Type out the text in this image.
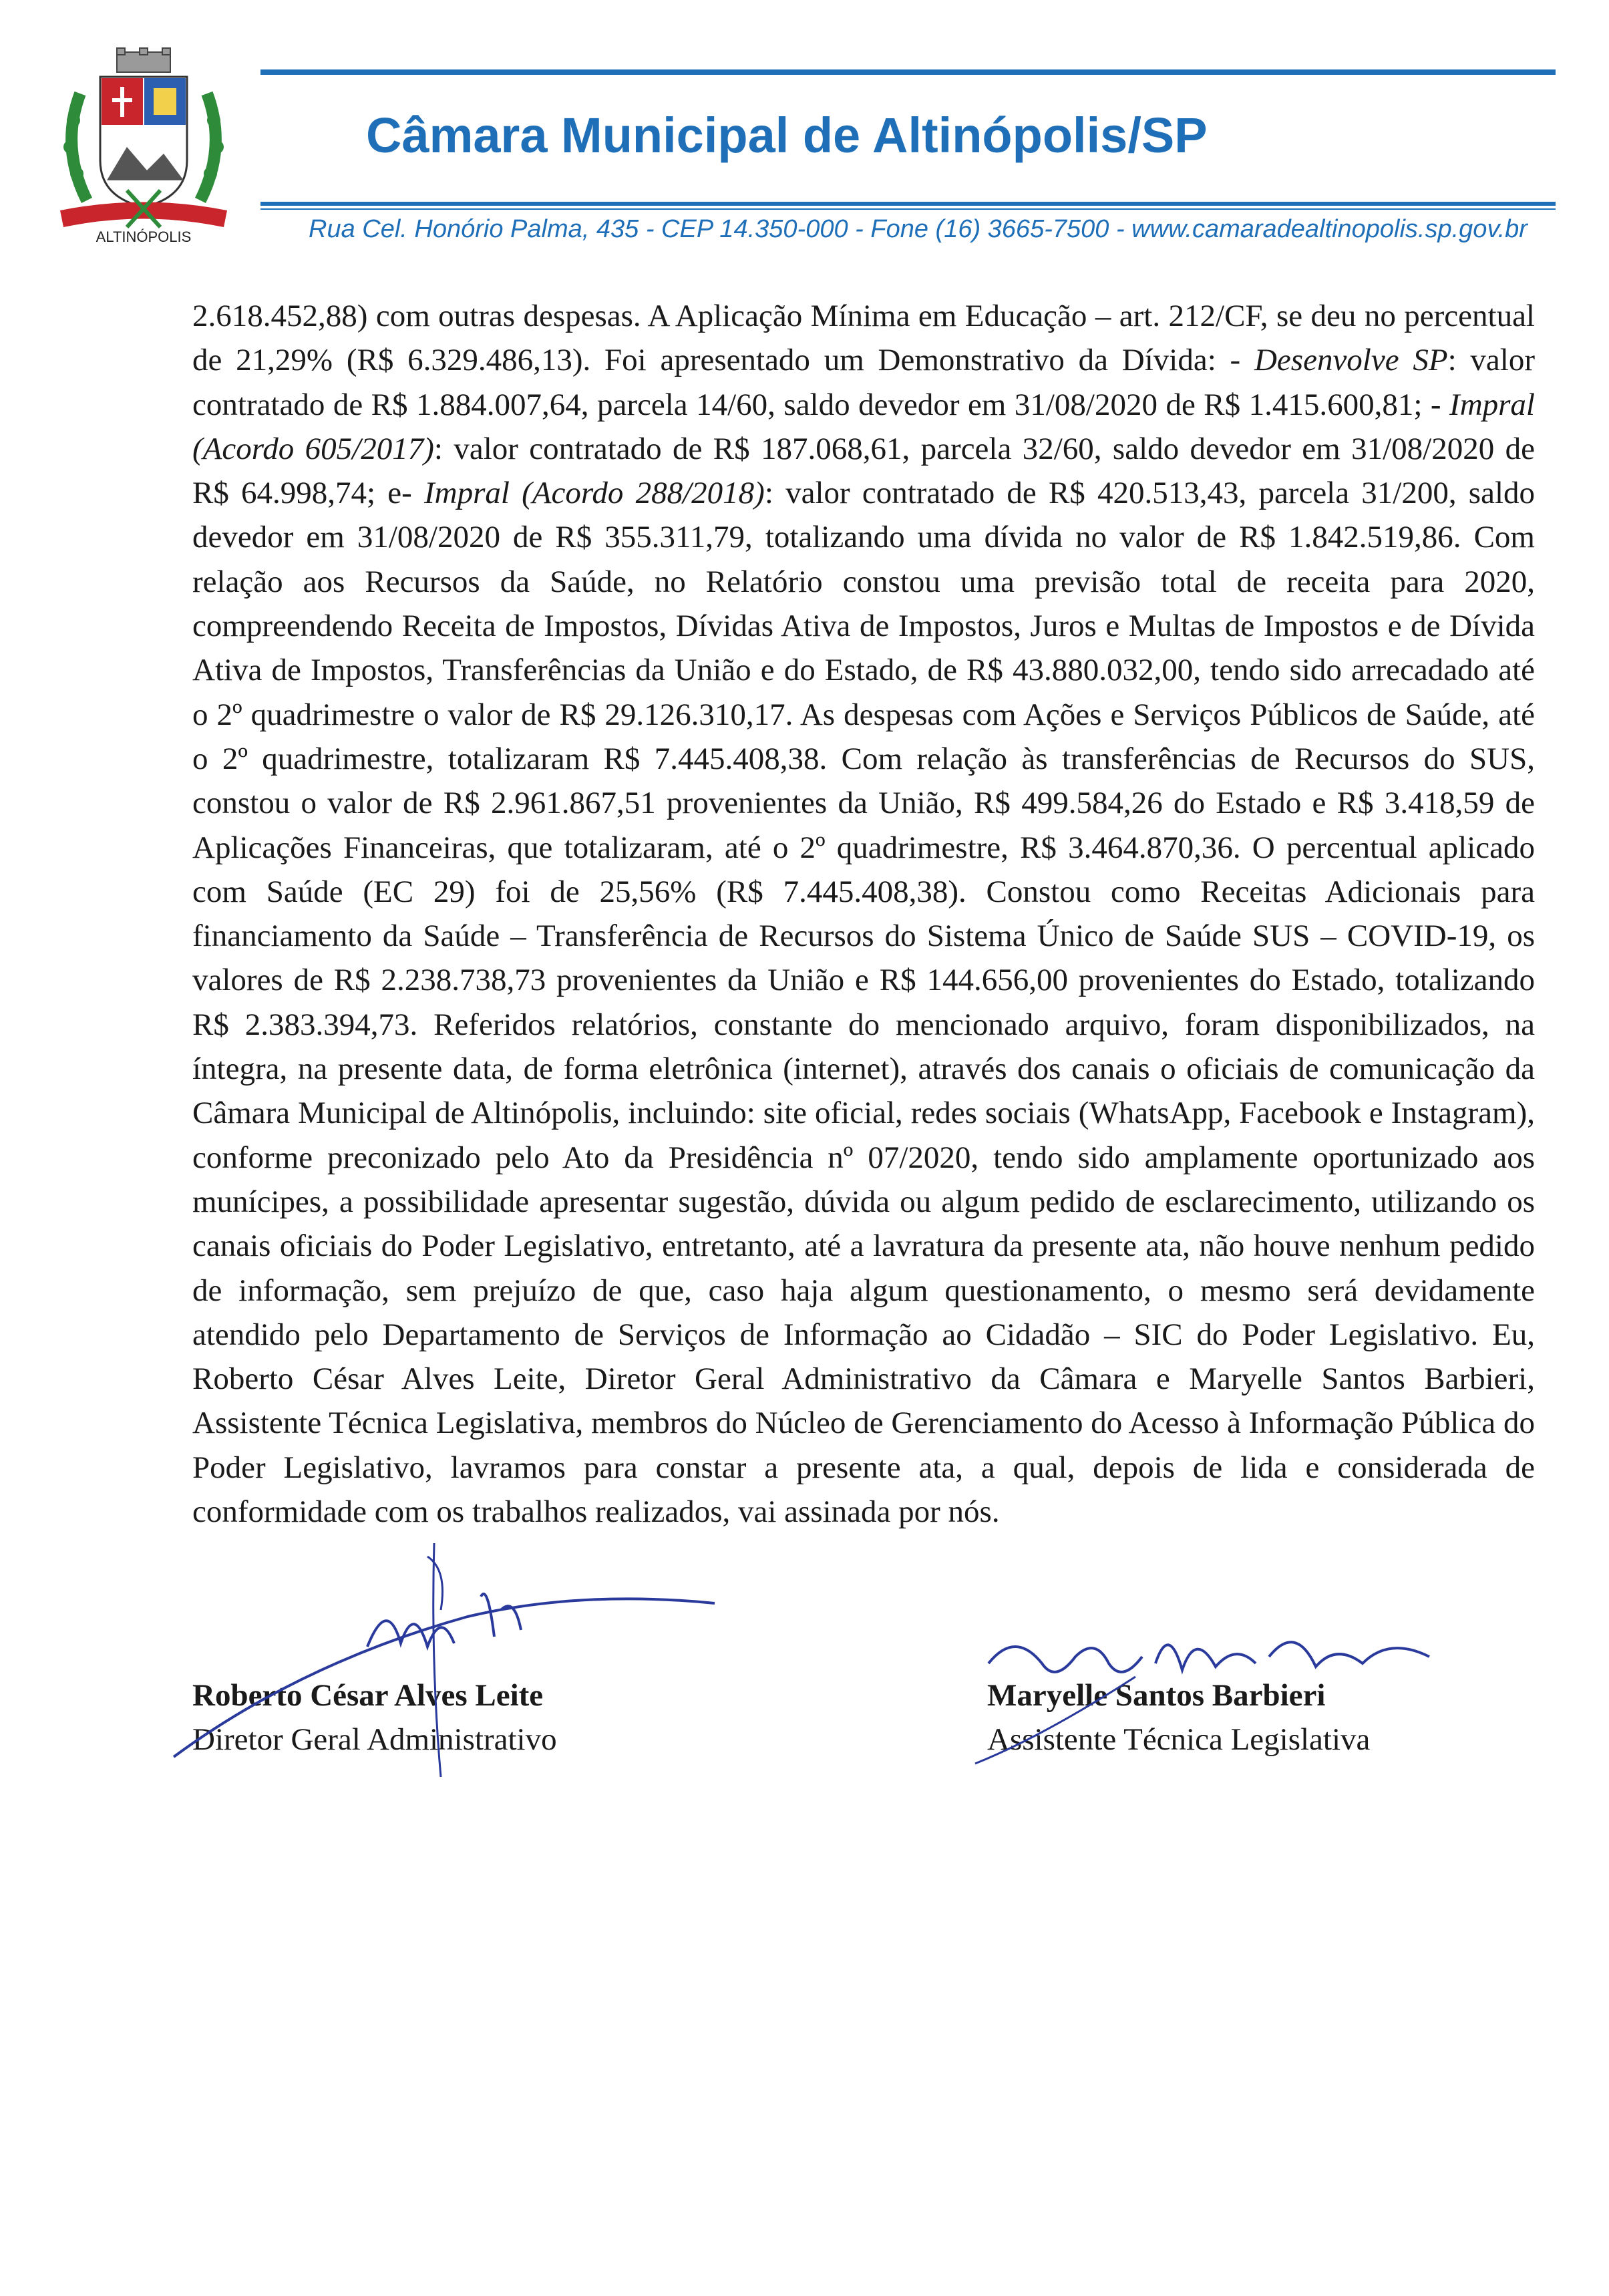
ALTINÓPOLIS
Câmara Municipal de Altinópolis/SP
Rua Cel. Honório Palma, 435 - CEP 14.350-000 - Fone (16) 3665-7500 - www.camaradealtinopolis.sp.gov.br

2.618.452,88) com outras despesas. A Aplicação Mínima em Educação – art. 212/CF, se deu no percentual de 21,29% (R$ 6.329.486,13). Foi apresentado um Demonstrativo da Dívida: - Desenvolve SP: valor contratado de R$ 1.884.007,64, parcela 14/60, saldo devedor em 31/08/2020 de R$ 1.415.600,81; - Impral (Acordo 605/2017): valor contratado de R$ 187.068,61, parcela 32/60, saldo devedor em 31/08/2020 de R$ 64.998,74; e- Impral (Acordo 288/2018): valor contratado de R$ 420.513,43, parcela 31/200, saldo devedor em 31/08/2020 de R$ 355.311,79, totalizando uma dívida no valor de R$ 1.842.519,86. Com relação aos Recursos da Saúde, no Relatório constou uma previsão total de receita para 2020, compreendendo Receita de Impostos, Dívidas Ativa de Impostos, Juros e Multas de Impostos e de Dívida Ativa de Impostos, Transferências da União e do Estado, de R$ 43.880.032,00, tendo sido arrecadado até o 2º quadrimestre o valor de R$ 29.126.310,17. As despesas com Ações e Serviços Públicos de Saúde, até o 2º quadrimestre, totalizaram R$ 7.445.408,38. Com relação às transferências de Recursos do SUS, constou o valor de R$ 2.961.867,51 provenientes da União, R$ 499.584,26 do Estado e R$ 3.418,59 de Aplicações Financeiras, que totalizaram, até o 2º quadrimestre, R$ 3.464.870,36. O percentual aplicado com Saúde (EC 29) foi de 25,56% (R$ 7.445.408,38). Constou como Receitas Adicionais para financiamento da Saúde – Transferência de Recursos do Sistema Único de Saúde SUS – COVID-19, os valores de R$ 2.238.738,73 provenientes da União e R$ 144.656,00 provenientes do Estado, totalizando R$ 2.383.394,73. Referidos relatórios, constante do mencionado arquivo, foram disponibilizados, na íntegra, na presente data, de forma eletrônica (internet), através dos canais o oficiais de comunicação da Câmara Municipal de Altinópolis, incluindo: site oficial, redes sociais (WhatsApp, Facebook e Instagram), conforme preconizado pelo Ato da Presidência nº 07/2020, tendo sido amplamente oportunizado aos munícipes, a possibilidade apresentar sugestão, dúvida ou algum pedido de esclarecimento, utilizando os canais oficiais do Poder Legislativo, entretanto, até a lavratura da presente ata, não houve nenhum pedido de informação, sem prejuízo de que, caso haja algum questionamento, o mesmo será devidamente atendido pelo Departamento de Serviços de Informação ao Cidadão – SIC do Poder Legislativo. Eu, Roberto César Alves Leite, Diretor Geral Administrativo da Câmara e Maryelle Santos Barbieri, Assistente Técnica Legislativa, membros do Núcleo de Gerenciamento do Acesso à Informação Pública do Poder Legislativo, lavramos para constar a presente ata, a qual, depois de lida e considerada de conformidade com os trabalhos realizados, vai assinada por nós.

Roberto César Alves Leite
Diretor Geral Administrativo
Maryelle Santos Barbieri
Assistente Técnica Legislativa
